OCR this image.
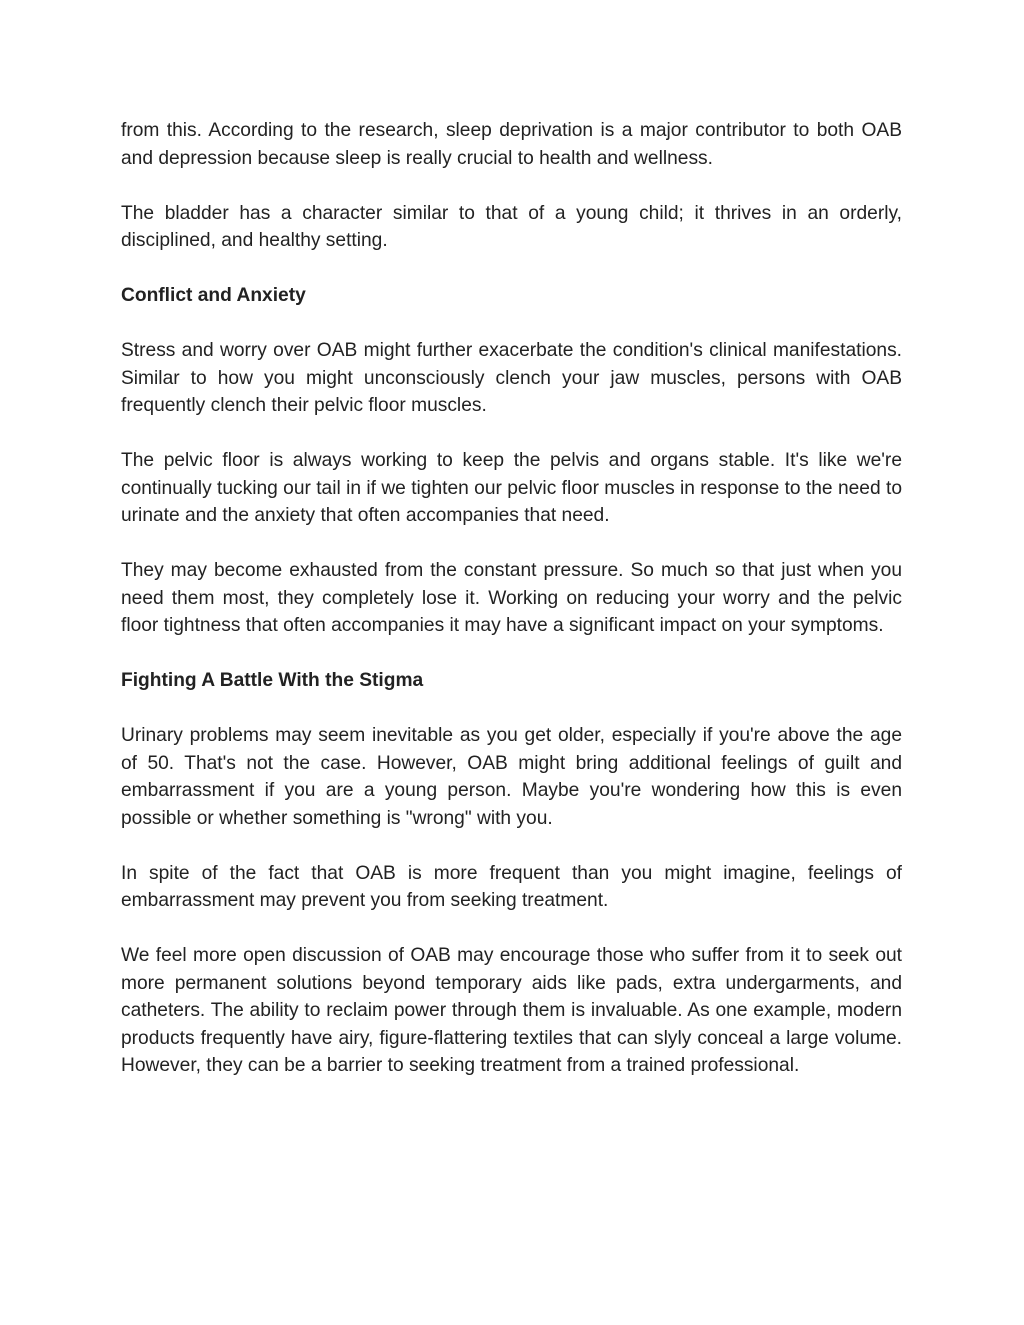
from this. According to the research, sleep deprivation is a major contributor to both OAB and depression because sleep is really crucial to health and wellness.

The bladder has a character similar to that of a young child; it thrives in an orderly, disciplined, and healthy setting.

Conflict and Anxiety

Stress and worry over OAB might further exacerbate the condition's clinical manifestations. Similar to how you might unconsciously clench your jaw muscles, persons with OAB frequently clench their pelvic floor muscles.

The pelvic floor is always working to keep the pelvis and organs stable. It's like we're continually tucking our tail in if we tighten our pelvic floor muscles in response to the need to urinate and the anxiety that often accompanies that need.

They may become exhausted from the constant pressure. So much so that just when you need them most, they completely lose it. Working on reducing your worry and the pelvic floor tightness that often accompanies it may have a significant impact on your symptoms.

Fighting A Battle With the Stigma

Urinary problems may seem inevitable as you get older, especially if you're above the age of 50. That's not the case. However, OAB might bring additional feelings of guilt and embarrassment if you are a young person. Maybe you're wondering how this is even possible or whether something is "wrong" with you.

In spite of the fact that OAB is more frequent than you might imagine, feelings of embarrassment may prevent you from seeking treatment.

We feel more open discussion of OAB may encourage those who suffer from it to seek out more permanent solutions beyond temporary aids like pads, extra undergarments, and catheters. The ability to reclaim power through them is invaluable. As one example, modern products frequently have airy, figure-flattering textiles that can slyly conceal a large volume. However, they can be a barrier to seeking treatment from a trained professional.
